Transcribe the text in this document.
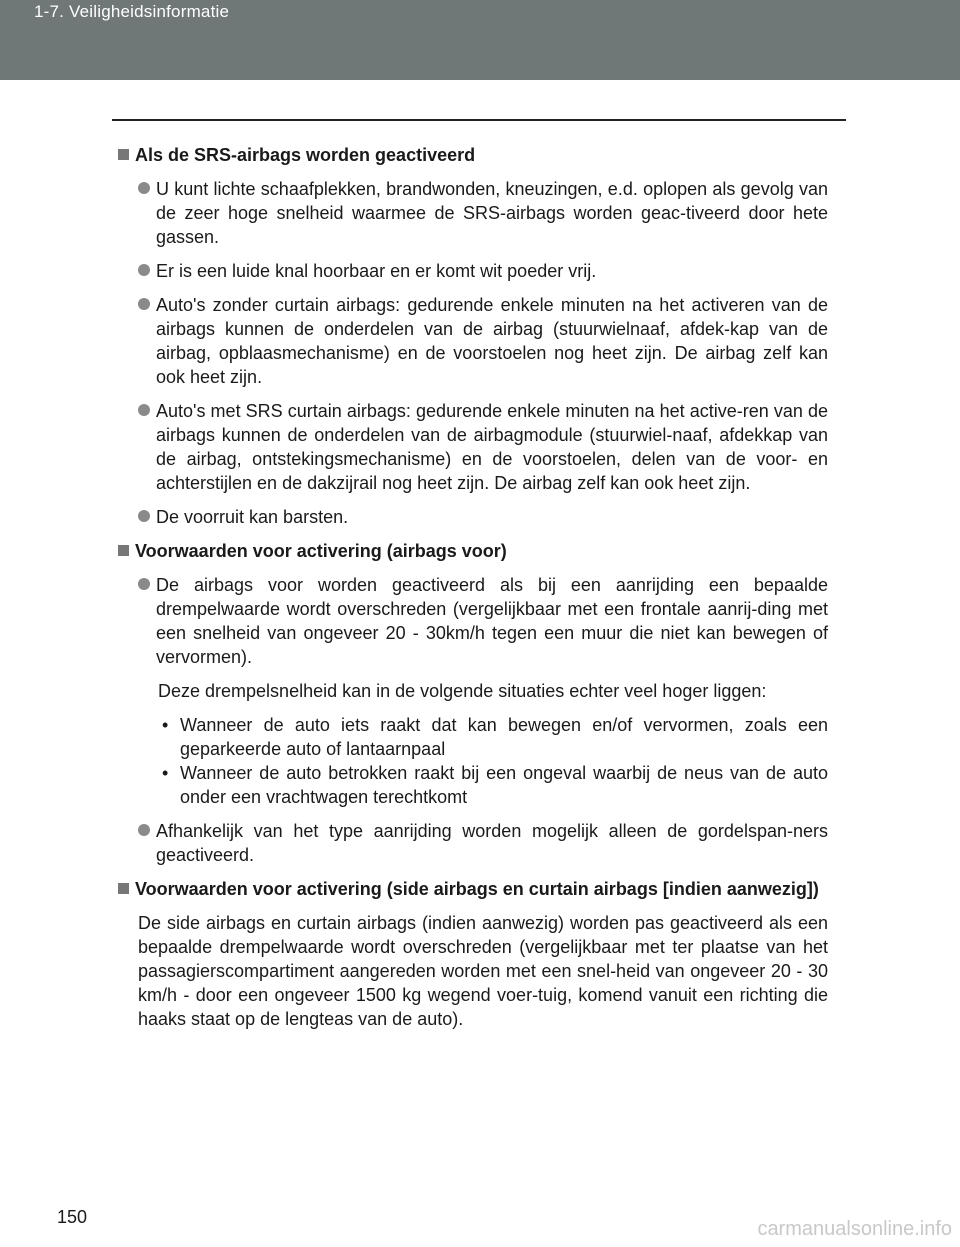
1-7. Veiligheidsinformatie
Als de SRS-airbags worden geactiveerd
U kunt lichte schaafplekken, brandwonden, kneuzingen, e.d. oplopen als gevolg van de zeer hoge snelheid waarmee de SRS-airbags worden geac-tiveerd door hete gassen.
Er is een luide knal hoorbaar en er komt wit poeder vrij.
Auto's zonder curtain airbags: gedurende enkele minuten na het activeren van de airbags kunnen de onderdelen van de airbag (stuurwielnaaf, afdek-kap van de airbag, opblaasmechanisme) en de voorstoelen nog heet zijn. De airbag zelf kan ook heet zijn.
Auto's met SRS curtain airbags: gedurende enkele minuten na het active-ren van de airbags kunnen de onderdelen van de airbagmodule (stuurwiel-naaf, afdekkap van de airbag, ontstekingsmechanisme) en de voorstoelen, delen van de voor- en achterstijlen en de dakzijrail nog heet zijn. De airbag zelf kan ook heet zijn.
De voorruit kan barsten.
Voorwaarden voor activering (airbags voor)
De airbags voor worden geactiveerd als bij een aanrijding een bepaalde drempelwaarde wordt overschreden (vergelijkbaar met een frontale aanrij-ding met een snelheid van ongeveer 20 - 30km/h tegen een muur die niet kan bewegen of vervormen).
Deze drempelsnelheid kan in de volgende situaties echter veel hoger liggen:
• Wanneer de auto iets raakt dat kan bewegen en/of vervormen, zoals een geparkeerde auto of lantaarnpaal
• Wanneer de auto betrokken raakt bij een ongeval waarbij de neus van de auto onder een vrachtwagen terechtkomt
Afhankelijk van het type aanrijding worden mogelijk alleen de gordelspan-ners geactiveerd.
Voorwaarden voor activering (side airbags en curtain airbags [indien aanwezig])
De side airbags en curtain airbags (indien aanwezig) worden pas geactiveerd als een bepaalde drempelwaarde wordt overschreden (vergelijkbaar met ter plaatse van het passagierscompartiment aangereden worden met een snel-heid van ongeveer 20 - 30 km/h - door een ongeveer 1500 kg wegend voer-tuig, komend vanuit een richting die haaks staat op de lengteas van de auto).
150
carmanualsonline.info
